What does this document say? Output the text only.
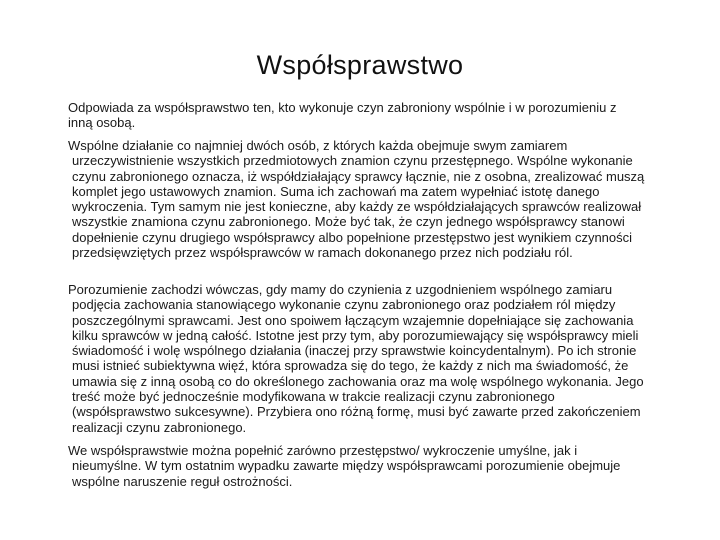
Współsprawstwo
Odpowiada za współsprawstwo ten, kto wykonuje czyn zabroniony wspólnie i w porozumieniu z
inną osobą.
Wspólne działanie co najmniej dwóch osób, z których każda obejmuje swym zamiarem
urzeczywistnienie wszystkich przedmiotowych znamion czynu przestępnego. Wspólne wykonanie
czynu zabronionego oznacza, iż współdziałający sprawcy łącznie, nie z osobna, zrealizować muszą
komplet jego ustawowych znamion. Suma ich zachowań ma zatem wypełniać istotę danego
wykroczenia. Tym samym nie jest konieczne, aby każdy ze współdziałających sprawców realizował
wszystkie znamiona czynu zabronionego. Może być tak, że czyn jednego współsprawcy stanowi
dopełnienie czynu drugiego współsprawcy albo popełnione przestępstwo jest wynikiem czynności
przedsięwziętych przez współsprawców w ramach dokonanego przez nich podziału ról.
Porozumienie zachodzi wówczas, gdy mamy do czynienia z uzgodnieniem wspólnego zamiaru
podjęcia zachowania stanowiącego wykonanie czynu zabronionego oraz podziałem ról między
poszczególnymi sprawcami. Jest ono spoiwem łączącym wzajemnie dopełniające się zachowania
kilku sprawców w jedną całość. Istotne jest przy tym, aby porozumiewający się współsprawcy mieli
świadomość i wolę wspólnego działania (inaczej przy sprawstwie koincydentalnym). Po ich stronie
musi istnieć subiektywna więź, która sprowadza się do tego, że każdy z nich ma świadomość, że
umawia się z inną osobą co do określonego zachowania oraz ma wolę wspólnego wykonania. Jego
treść może być jednocześnie modyfikowana w trakcie realizacji czynu zabronionego
(współsprawstwo sukcesywne). Przybiera ono różną formę, musi być zawarte przed zakończeniem
realizacji czynu zabronionego.
We współsprawstwie można popełnić zarówno przestępstwo/ wykroczenie umyślne, jak i
nieumyślne. W tym ostatnim wypadku zawarte między współsprawcami porozumienie obejmuje
wspólne naruszenie reguł ostrożności.
